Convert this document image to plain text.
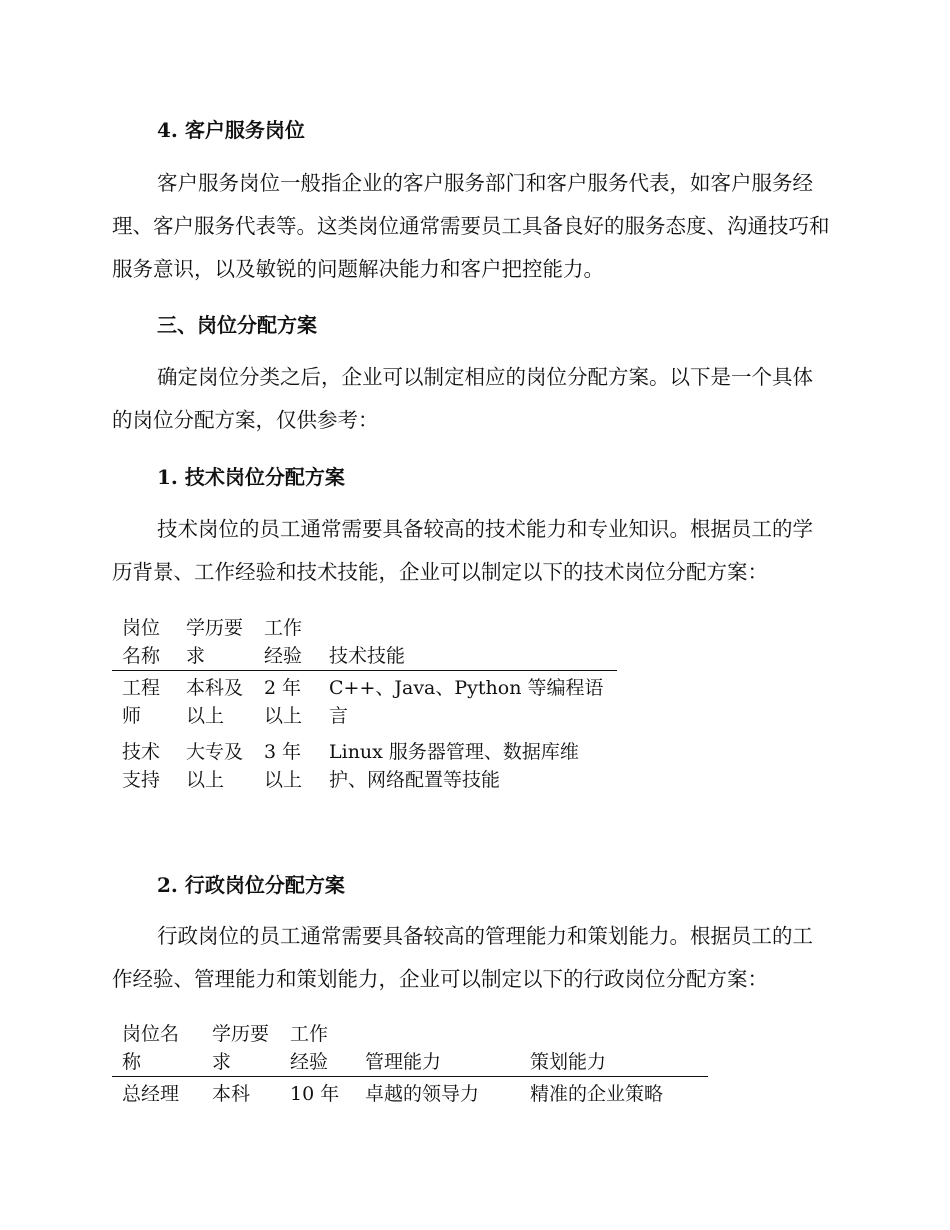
4. 客户服务岗位
客户服务岗位一般指企业的客户服务部门和客户服务代表，如客户服务经理、客户服务代表等。这类岗位通常需要员工具备良好的服务态度、沟通技巧和服务意识，以及敏锐的问题解决能力和客户把控能力。
三、岗位分配方案
确定岗位分类之后，企业可以制定相应的岗位分配方案。以下是一个具体的岗位分配方案，仅供参考：
1. 技术岗位分配方案
技术岗位的员工通常需要具备较高的技术能力和专业知识。根据员工的学历背景、工作经验和技术技能，企业可以制定以下的技术岗位分配方案：
岗位名称	学历要求	工作经验	技术技能
工程师	本科及以上	2 年以上	C++、Java、Python 等编程语言
技术支持	大专及以上	3 年以上	Linux 服务器管理、数据库维护、网络配置等技能
2. 行政岗位分配方案
行政岗位的员工通常需要具备较高的管理能力和策划能力。根据员工的工作经验、管理能力和策划能力，企业可以制定以下的行政岗位分配方案：
岗位名称	学历要求	工作经验	管理能力	策划能力
总经理	本科	10 年	卓越的领导力	精准的企业策略
